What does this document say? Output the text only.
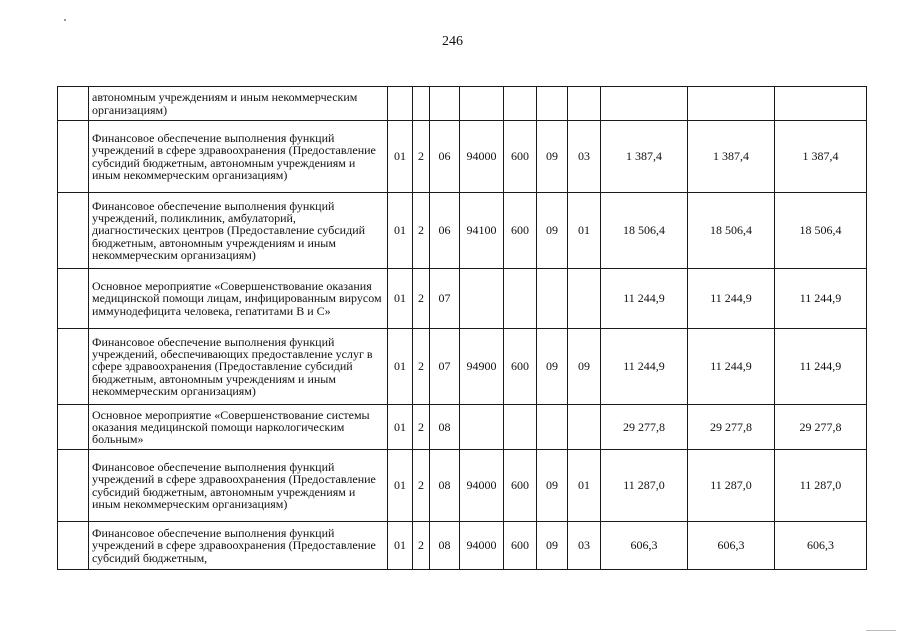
246
	автономным учреждениям и иным некоммерческим организациям)										
	Финансовое обеспечение выполнения функций учреждений в сфере здравоохранения (Предоставление субсидий бюджетным, автономным учреждениям и иным некоммерческим организациям)	01	2	06	94000	600	09	03	1 387,4	1 387,4	1 387,4
	Финансовое обеспечение выполнения функций учреждений, поликлиник, амбулаторий, диагностических центров (Предоставление субсидий бюджетным, автономным учреждениям и иным некоммерческим организациям)	01	2	06	94100	600	09	01	18 506,4	18 506,4	18 506,4
	Основное мероприятие «Совершенствование оказания медицинской помощи лицам, инфицированным вирусом иммунодефицита человека, гепатитами В и С»	01	2	07					11 244,9	11 244,9	11 244,9
	Финансовое обеспечение выполнения функций учреждений, обеспечивающих предоставление услуг в сфере здравоохранения (Предоставление субсидий бюджетным, автономным учреждениям и иным некоммерческим организациям)	01	2	07	94900	600	09	09	11 244,9	11 244,9	11 244,9
	Основное мероприятие «Совершенствование системы оказания медицинской помощи наркологическим больным»	01	2	08					29 277,8	29 277,8	29 277,8
	Финансовое обеспечение выполнения функций учреждений в сфере здравоохранения (Предоставление субсидий бюджетным, автономным учреждениям и иным некоммерческим организациям)	01	2	08	94000	600	09	01	11 287,0	11 287,0	11 287,0
	Финансовое обеспечение выполнения функций учреждений в сфере здравоохранения (Предоставление субсидий бюджетным,	01	2	08	94000	600	09	03	606,3	606,3	606,3
